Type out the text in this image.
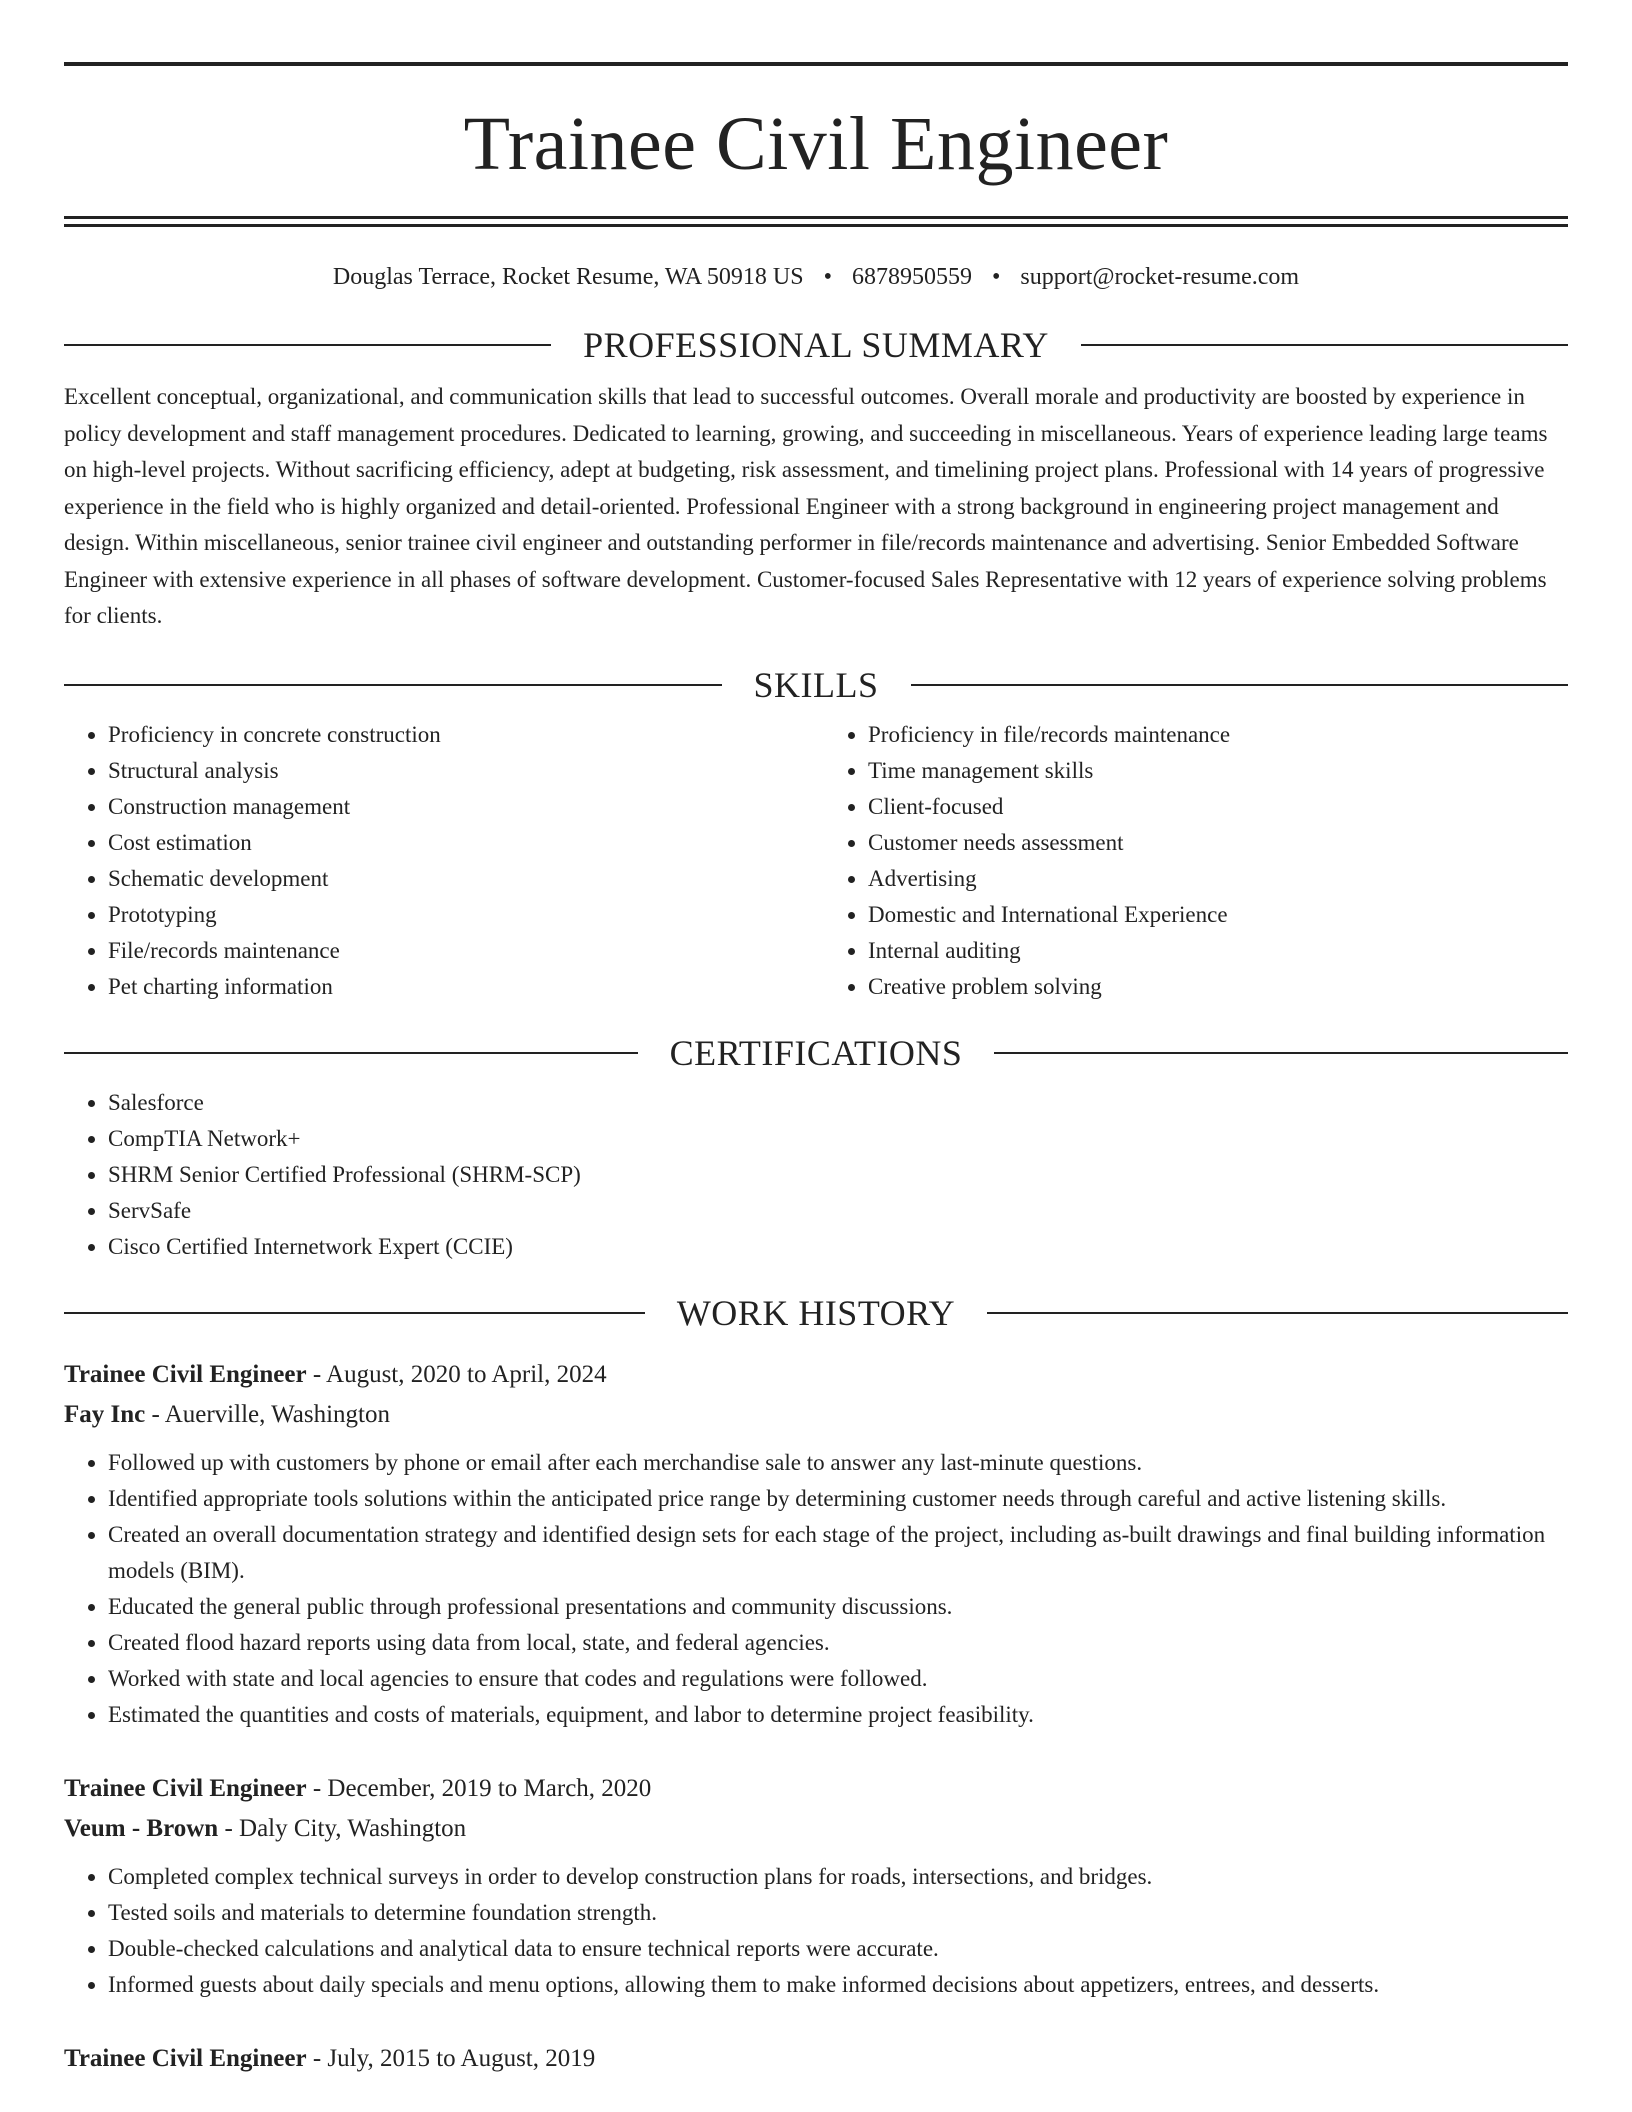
Trainee Civil Engineer
Douglas Terrace, Rocket Resume, WA 50918 US • 6878950559 • support@rocket-resume.com
PROFESSIONAL SUMMARY
Excellent conceptual, organizational, and communication skills that lead to successful outcomes. Overall morale and productivity are boosted by experience in policy development and staff management procedures. Dedicated to learning, growing, and succeeding in miscellaneous. Years of experience leading large teams on high-level projects. Without sacrificing efficiency, adept at budgeting, risk assessment, and timelining project plans. Professional with 14 years of progressive experience in the field who is highly organized and detail-oriented. Professional Engineer with a strong background in engineering project management and design. Within miscellaneous, senior trainee civil engineer and outstanding performer in file/records maintenance and advertising. Senior Embedded Software Engineer with extensive experience in all phases of software development. Customer-focused Sales Representative with 12 years of experience solving problems for clients.
SKILLS
• Proficiency in concrete construction
• Structural analysis
• Construction management
• Cost estimation
• Schematic development
• Prototyping
• File/records maintenance
• Pet charting information
• Proficiency in file/records maintenance
• Time management skills
• Client-focused
• Customer needs assessment
• Advertising
• Domestic and International Experience
• Internal auditing
• Creative problem solving
CERTIFICATIONS
• Salesforce
• CompTIA Network+
• SHRM Senior Certified Professional (SHRM-SCP)
• ServSafe
• Cisco Certified Internetwork Expert (CCIE)
WORK HISTORY
Trainee Civil Engineer - August, 2020 to April, 2024
Fay Inc - Auerville, Washington
• Followed up with customers by phone or email after each merchandise sale to answer any last-minute questions.
• Identified appropriate tools solutions within the anticipated price range by determining customer needs through careful and active listening skills.
• Created an overall documentation strategy and identified design sets for each stage of the project, including as-built drawings and final building information models (BIM).
• Educated the general public through professional presentations and community discussions.
• Created flood hazard reports using data from local, state, and federal agencies.
• Worked with state and local agencies to ensure that codes and regulations were followed.
• Estimated the quantities and costs of materials, equipment, and labor to determine project feasibility.
Trainee Civil Engineer - December, 2019 to March, 2020
Veum - Brown - Daly City, Washington
• Completed complex technical surveys in order to develop construction plans for roads, intersections, and bridges.
• Tested soils and materials to determine foundation strength.
• Double-checked calculations and analytical data to ensure technical reports were accurate.
• Informed guests about daily specials and menu options, allowing them to make informed decisions about appetizers, entrees, and desserts.
Trainee Civil Engineer - July, 2015 to August, 2019
